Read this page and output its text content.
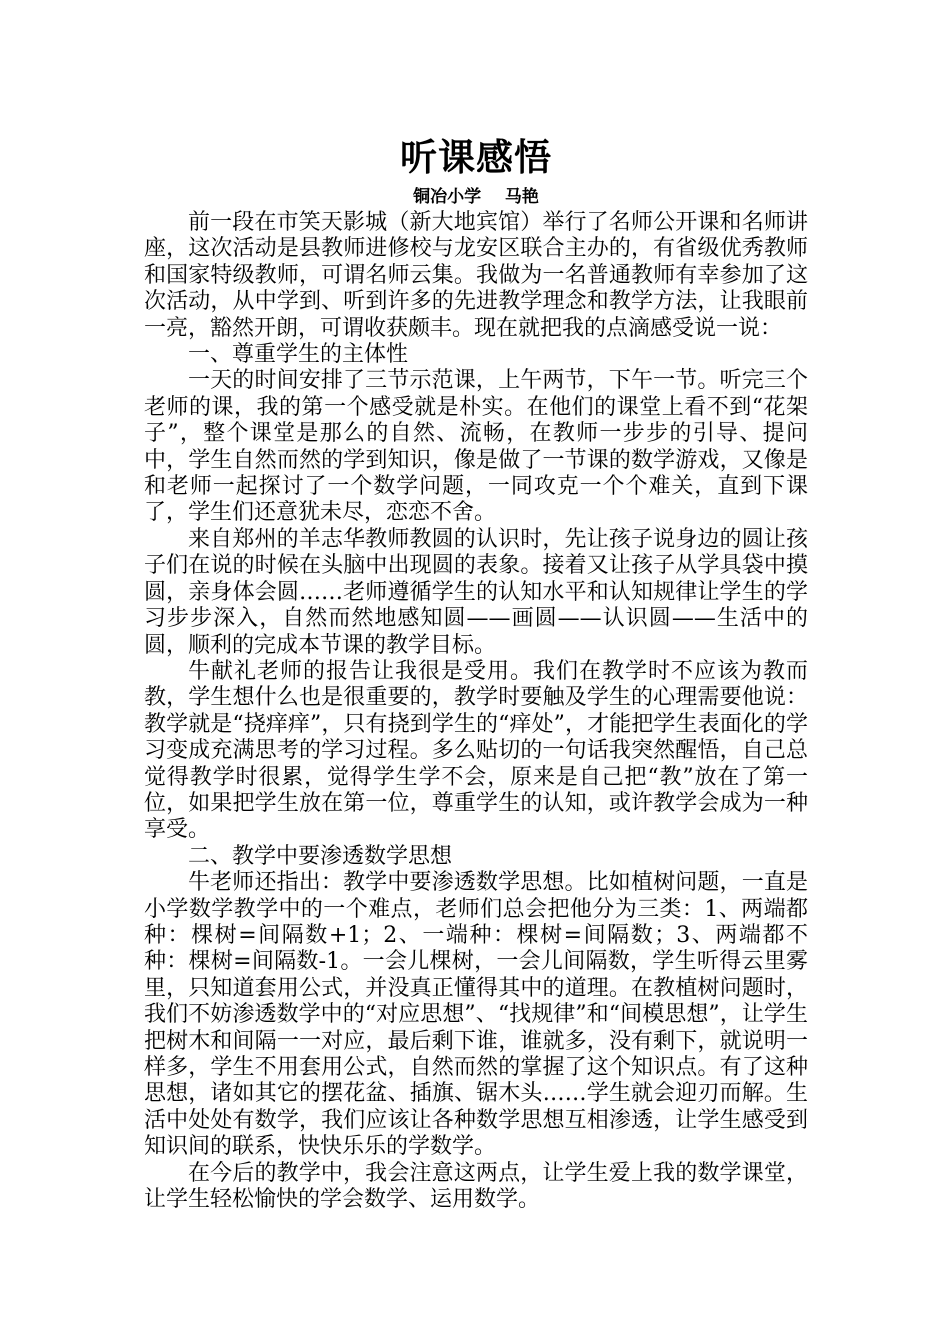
听课感悟

铜冶小学    马艳

前一段在市笑天影城（新大地宾馆）举行了名师公开课和名师讲座，这次活动是县教师进修校与龙安区联合主办的，有省级优秀教师和国家特级教师，可谓名师云集。我做为一名普通教师有幸参加了这次活动，从中学到、听到许多的先进教学理念和教学方法，让我眼前一亮，豁然开朗，可谓收获颇丰。现在就把我的点滴感受说一说：

一、尊重学生的主体性

一天的时间安排了三节示范课，上午两节，下午一节。听完三个老师的课，我的第一个感受就是朴实。在他们的课堂上看不到“花架子”，整个课堂是那么的自然、流畅，在教师一步步的引导、提问中，学生自然而然的学到知识，像是做了一节课的数学游戏，又像是和老师一起探讨了一个数学问题，一同攻克一个个难关，直到下课了，学生们还意犹未尽，恋恋不舍。

来自郑州的羊志华教师教圆的认识时，先让孩子说身边的圆让孩子们在说的时候在头脑中出现圆的表象。接着又让孩子从学具袋中摸圆，亲身体会圆……老师遵循学生的认知水平和认知规律让学生的学习步步深入，自然而然地感知圆——画圆——认识圆——生活中的圆，顺利的完成本节课的教学目标。

牛献礼老师的报告让我很是受用。我们在教学时不应该为教而教，学生想什么也是很重要的，教学时要触及学生的心理需要他说：教学就是“挠痒痒”，只有挠到学生的“痒处”，才能把学生表面化的学习变成充满思考的学习过程。多么贴切的一句话我突然醒悟，自己总觉得教学时很累，觉得学生学不会，原来是自己把“教”放在了第一位，如果把学生放在第一位，尊重学生的认知，或许教学会成为一种享受。

二、教学中要渗透数学思想

牛老师还指出：教学中要渗透数学思想。比如植树问题，一直是小学数学教学中的一个难点，老师们总会把他分为三类：1、两端都种：棵树=间隔数+1；2、一端种：棵树=间隔数；3、两端都不种：棵树=间隔数-1。一会儿棵树，一会儿间隔数，学生听得云里雾里，只知道套用公式，并没真正懂得其中的道理。在教植树问题时，我们不妨渗透数学中的“对应思想”、“找规律”和“间模思想”，让学生把树木和间隔一一对应，最后剩下谁，谁就多，没有剩下，就说明一样多，学生不用套用公式，自然而然的掌握了这个知识点。有了这种思想，诸如其它的摆花盆、插旗、锯木头……学生就会迎刃而解。生活中处处有数学，我们应该让各种数学思想互相渗透，让学生感受到知识间的联系，快快乐乐的学数学。

在今后的教学中，我会注意这两点，让学生爱上我的数学课堂，让学生轻松愉快的学会数学、运用数学。
